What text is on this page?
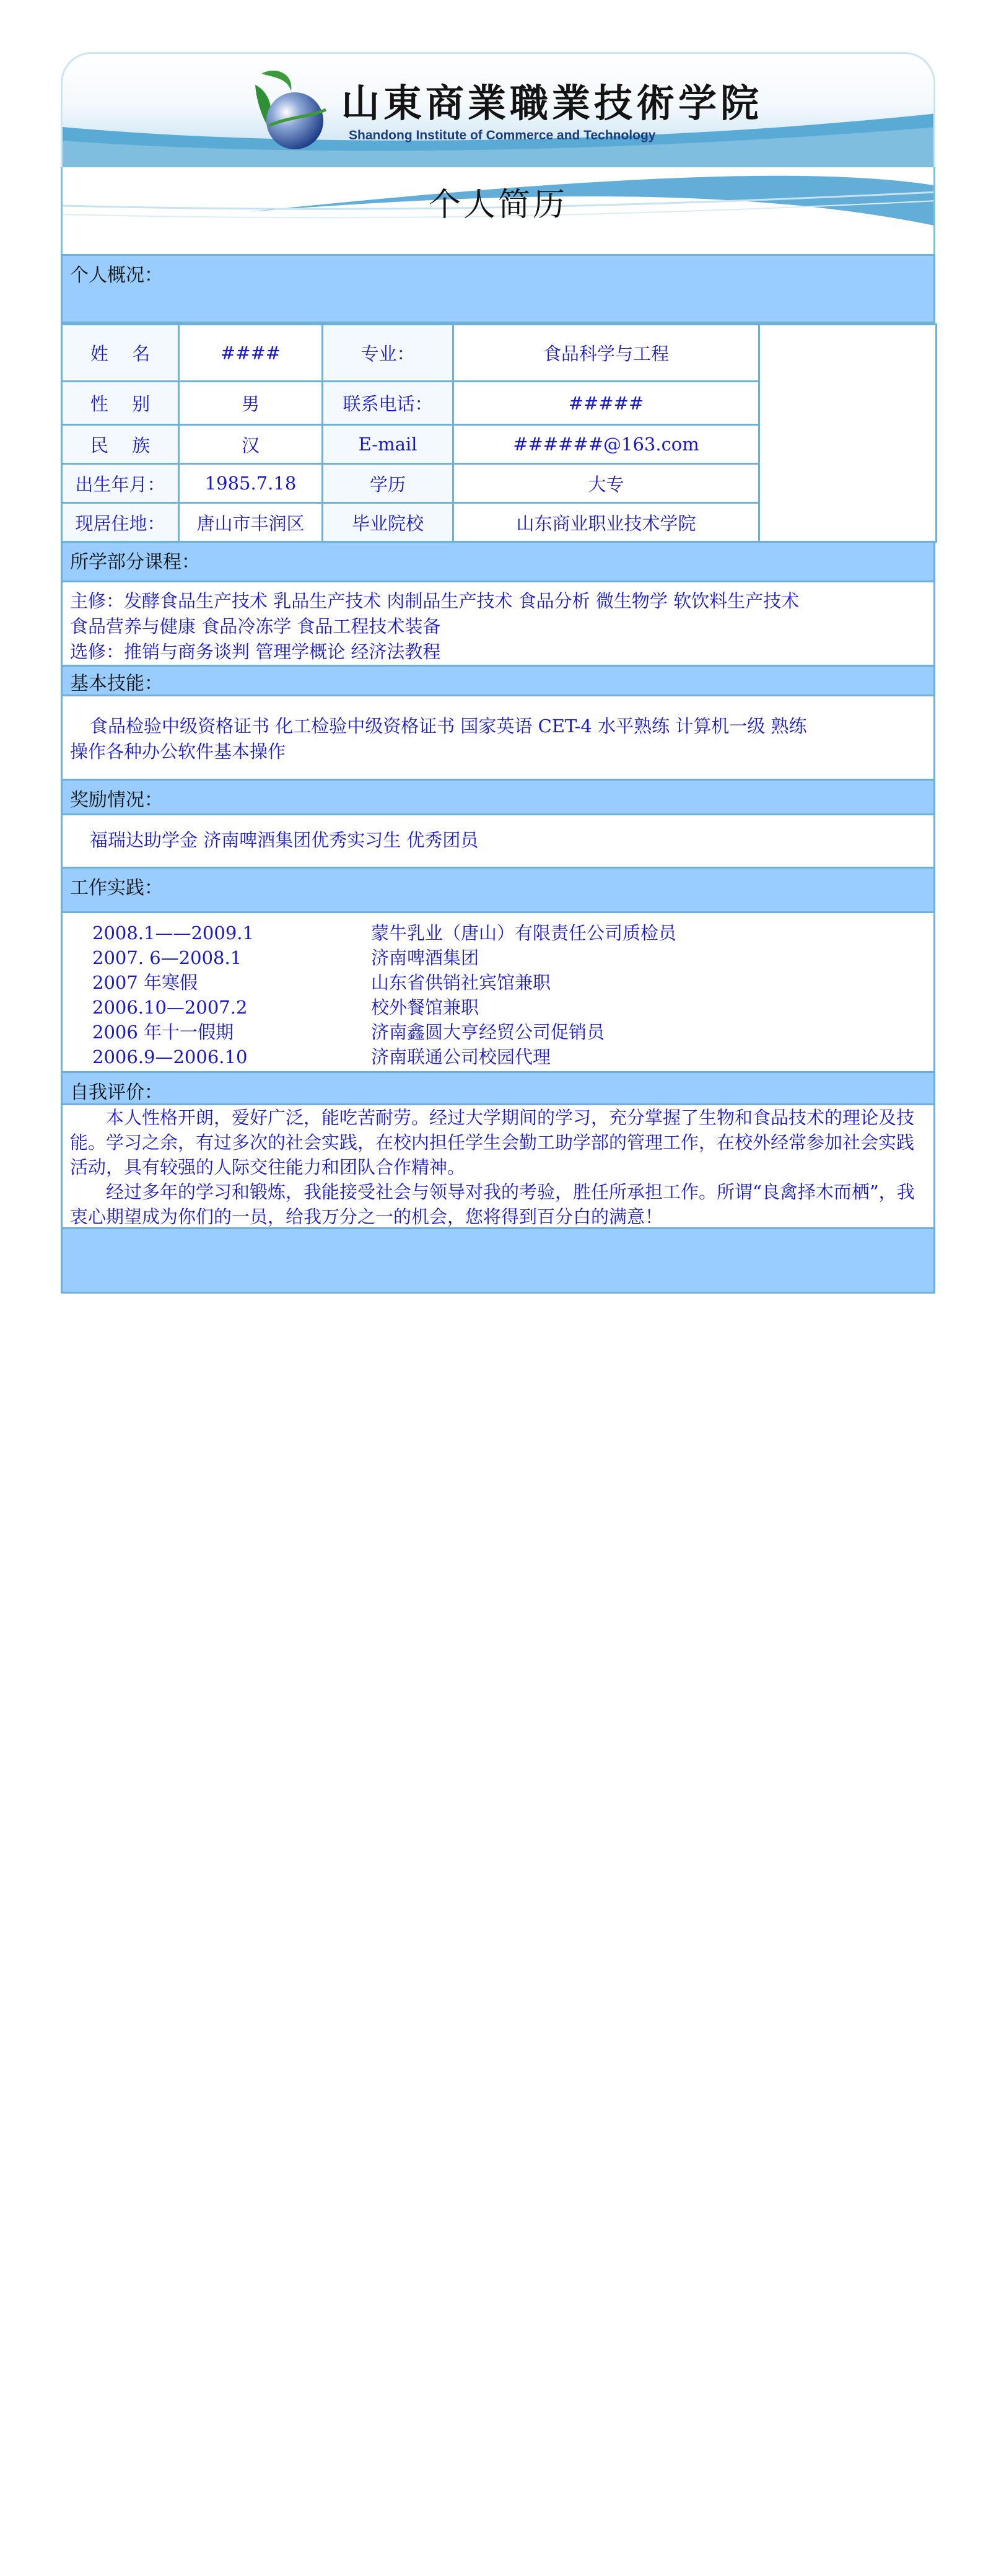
山東商業職業技術学院
Shandong Institute of Commerce and Technology
个人简历
个人概况：
姓　 名	####	专业：	食品科学与工程	
性　 别	男	联系电话：	#####	
民　 族	汉	E-mail	######@163.com	
出生年月：	1985.7.18	学历	大专	
现居住地：	唐山市丰润区	毕业院校	山东商业职业技术学院	
所学部分课程：
主修：发酵食品生产技术 乳品生产技术 肉制品生产技术 食品分析 微生物学 软饮料生产技术
食品营养与健康 食品冷冻学 食品工程技术装备
选修：推销与商务谈判 管理学概论 经济法教程
基本技能：
食品检验中级资格证书 化工检验中级资格证书 国家英语 CET-4 水平熟练 计算机一级 熟练
操作各种办公软件基本操作
奖励情况：
福瑞达助学金 济南啤酒集团优秀实习生 优秀团员
工作实践：
2008.1——2009.1	蒙牛乳业（唐山）有限责任公司质检员
2007. 6—2008.1	济南啤酒集团
2007 年寒假	山东省供销社宾馆兼职
2006.10—2007.2	校外餐馆兼职
2006 年十一假期	济南鑫圆大亨经贸公司促销员
2006.9—2006.10	济南联通公司校园代理
自我评价：
本人性格开朗，爱好广泛，能吃苦耐劳。经过大学期间的学习，充分掌握了生物和食品技术的理论及技能。学习之余，有过多次的社会实践，在校内担任学生会勤工助学部的管理工作，在校外经常参加社会实践活动，具有较强的人际交往能力和团队合作精神。
经过多年的学习和锻炼，我能接受社会与领导对我的考验，胜任所承担工作。所谓“良禽择木而栖”，我衷心期望成为你们的一员，给我万分之一的机会，您将得到百分白的满意！
